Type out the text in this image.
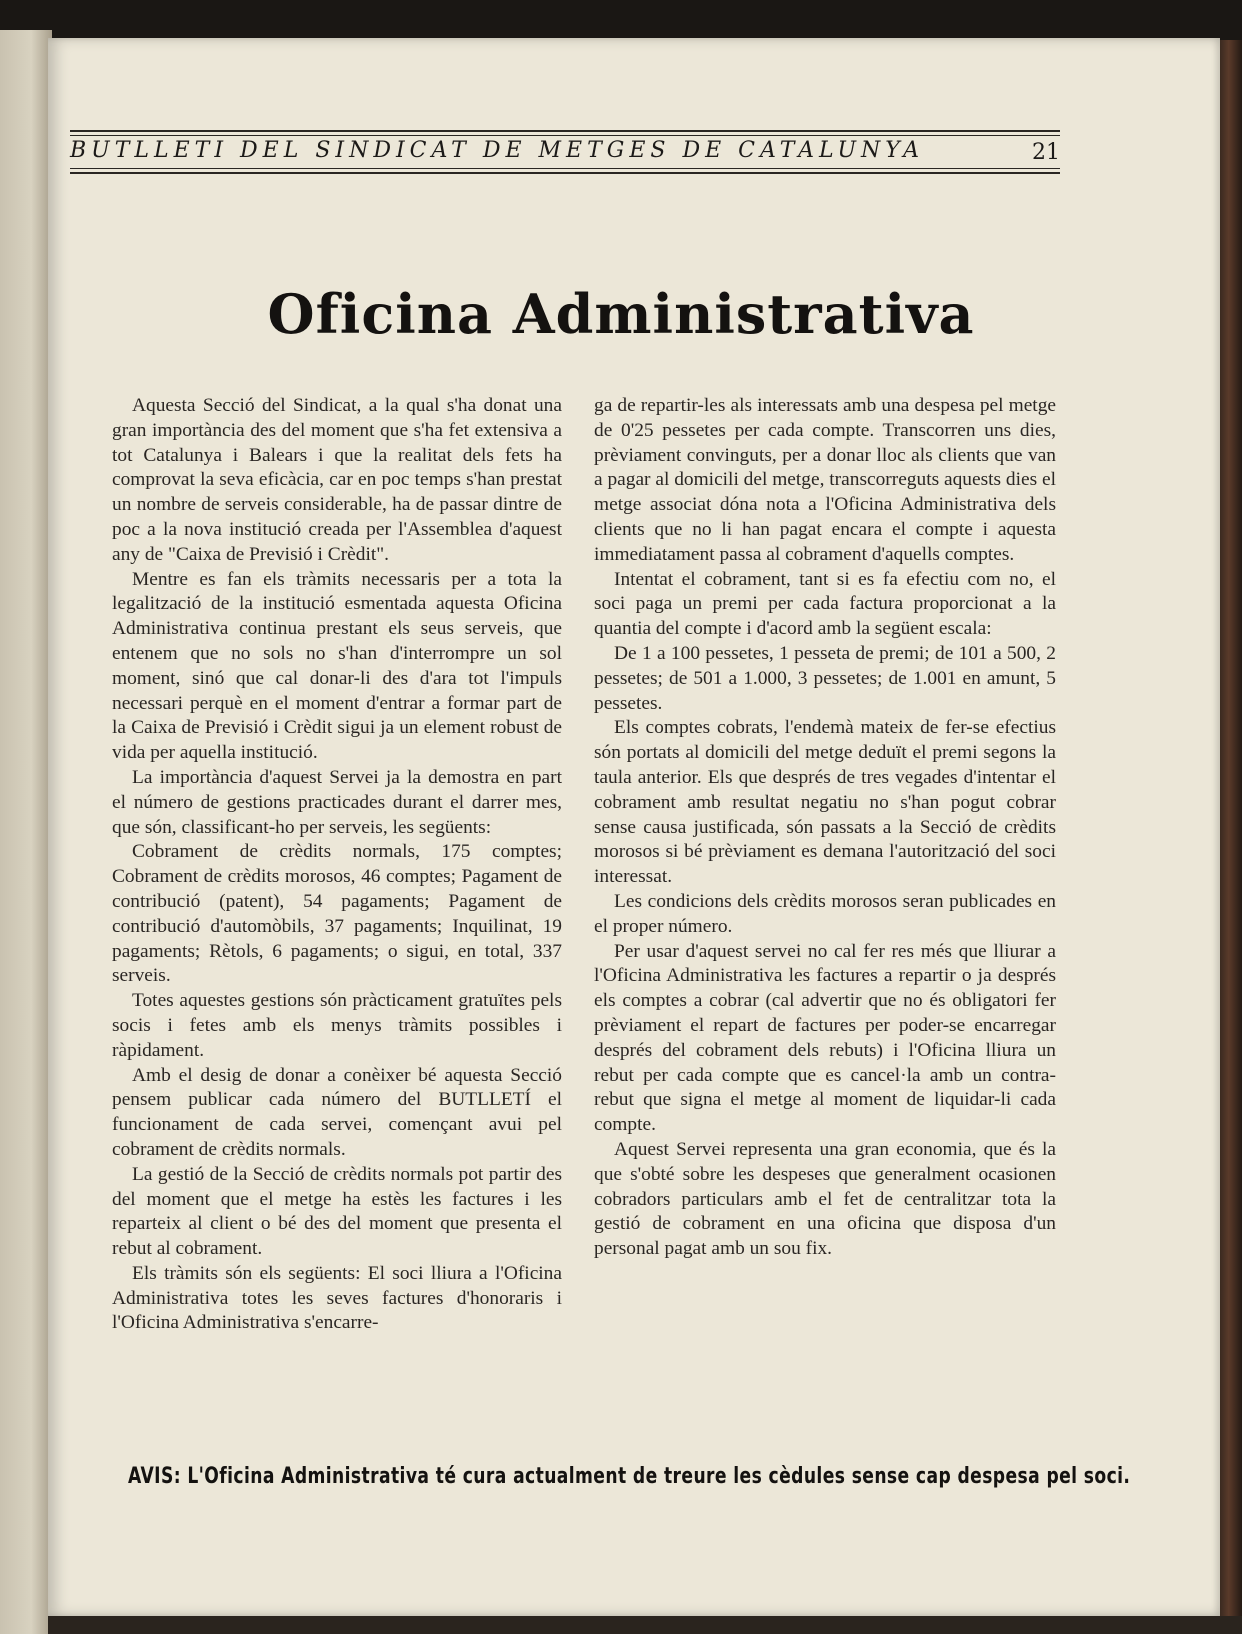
BUTLLETI DEL SINDICAT DE METGES DE CATALUNYA	21
Oficina Administrativa

Aquesta Secció del Sindicat, a la qual s'ha donat una gran importància des del moment que s'ha fet extensiva a tot Catalunya i Balears i que la realitat dels fets ha comprovat la seva eficàcia, car en poc temps s'han prestat un nombre de serveis considerable, ha de passar dintre de poc a la nova institució creada per l'Assemblea d'aquest any de "Caixa de Previsió i Crèdit".

Mentre es fan els tràmits necessaris per a tota la legalització de la institució esmentada aquesta Oficina Administrativa continua prestant els seus serveis, que entenem que no sols no s'han d'interrompre un sol moment, sinó que cal donar-li des d'ara tot l'impuls necessari perquè en el moment d'entrar a formar part de la Caixa de Previsió i Crèdit sigui ja un element robust de vida per aquella institució.

La importància d'aquest Servei ja la demostra en part el número de gestions practicades durant el darrer mes, que són, classificant-ho per serveis, les següents:

Cobrament de crèdits normals, 175 comptes; Cobrament de crèdits morosos, 46 comptes; Pagament de contribució (patent), 54 pagaments; Pagament de contribució d'automòbils, 37 pagaments; Inquilinat, 19 pagaments; Rètols, 6 pagaments; o sigui, en total, 337 serveis.

Totes aquestes gestions són pràcticament gratuïtes pels socis i fetes amb els menys tràmits possibles i ràpidament.

Amb el desig de donar a conèixer bé aquesta Secció pensem publicar cada número del BUTLLETÍ el funcionament de cada servei, començant avui pel cobrament de crèdits normals.

La gestió de la Secció de crèdits normals pot partir des del moment que el metge ha estès les factures i les reparteix al client o bé des del moment que presenta el rebut al cobrament.

Els tràmits són els següents: El soci lliura a l'Oficina Administrativa totes les seves factures d'honoraris i l'Oficina Administrativa s'encarre-

ga de repartir-les als interessats amb una despesa pel metge de 0'25 pessetes per cada compte. Transcorren uns dies, prèviament convinguts, per a donar lloc als clients que van a pagar al domicili del metge, transcorreguts aquests dies el metge associat dóna nota a l'Oficina Administrativa dels clients que no li han pagat encara el compte i aquesta immediatament passa al cobrament d'aquells comptes.

Intentat el cobrament, tant si es fa efectiu com no, el soci paga un premi per cada factura proporcionat a la quantia del compte i d'acord amb la següent escala:

De 1 a 100 pessetes, 1 pesseta de premi; de 101 a 500, 2 pessetes; de 501 a 1.000, 3 pessetes; de 1.001 en amunt, 5 pessetes.

Els comptes cobrats, l'endemà mateix de fer-se efectius són portats al domicili del metge deduït el premi segons la taula anterior. Els que després de tres vegades d'intentar el cobrament amb resultat negatiu no s'han pogut cobrar sense causa justificada, són passats a la Secció de crèdits morosos si bé prèviament es demana l'autorització del soci interessat.

Les condicions dels crèdits morosos seran publicades en el proper número.

Per usar d'aquest servei no cal fer res més que lliurar a l'Oficina Administrativa les factures a repartir o ja després els comptes a cobrar (cal advertir que no és obligatori fer prèviament el repart de factures per poder-se encarregar després del cobrament dels rebuts) i l'Oficina lliura un rebut per cada compte que es cancel·la amb un contra-rebut que signa el metge al moment de liquidar-li cada compte.

Aquest Servei representa una gran economia, que és la que s'obté sobre les despeses que generalment ocasionen cobradors particulars amb el fet de centralitzar tota la gestió de cobrament en una oficina que disposa d'un personal pagat amb un sou fix.

AVIS: L'Oficina Administrativa té cura actualment de treure les cèdules sense cap despesa pel soci.
